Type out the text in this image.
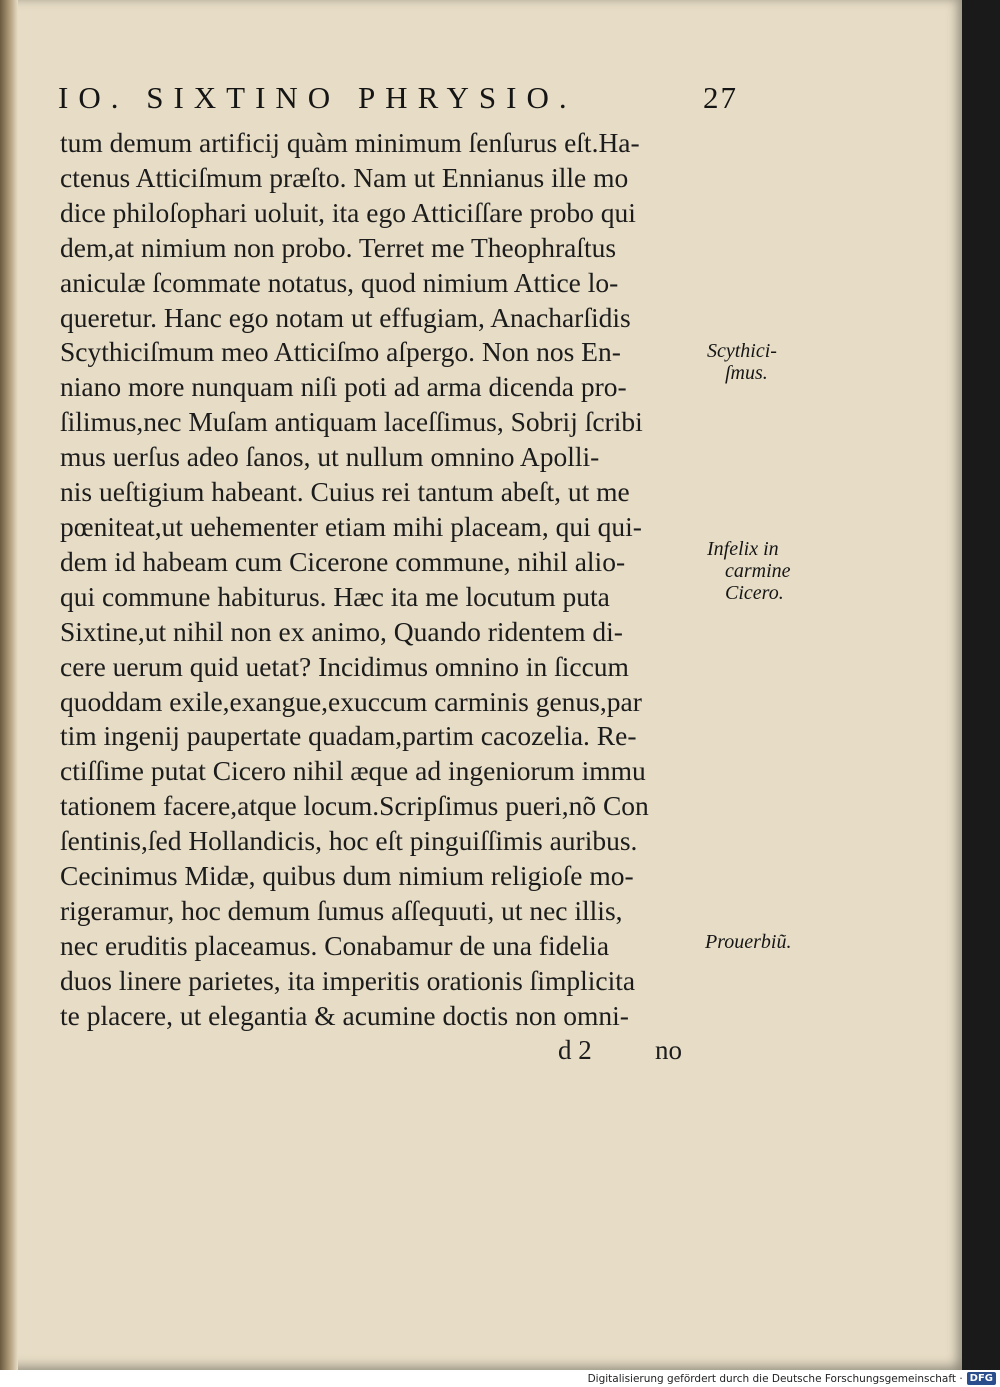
IO. SIXTINO PHRYSIO.	27
tum demum artificij quàm minimum ſenſurus eſt.Ha-
ctenus Atticiſmum præſto. Nam ut Ennianus ille mo
dice philoſophari uoluit, ita ego Atticiſſare probo qui
dem,at nimium non probo. Terret me Theophraſtus
aniculæ ſcommate notatus, quod nimium Attice lo-
queretur. Hanc ego notam ut effugiam, Anacharſidis
Scythiciſmum meo Atticiſmo aſpergo. Non nos En-
niano more nunquam niſi poti ad arma dicenda pro-
ſilimus,nec Muſam antiquam laceſſimus, Sobrij ſcribi
mus uerſus adeo ſanos, ut nullum omnino Apolli-
nis ueſtigium habeant. Cuius rei tantum abeſt, ut me
pœniteat,ut uehementer etiam mihi placeam, qui qui-
dem id habeam cum Cicerone commune, nihil alio-
qui commune habiturus. Hæc ita me locutum puta
Sixtine,ut nihil non ex animo, Quando ridentem di-
cere uerum quid uetat? Incidimus omnino in ſiccum
quoddam exile,exangue,exuccum carminis genus,par
tim ingenij paupertate quadam,partim cacozelia. Re-
ctiſſime putat Cicero nihil æque ad ingeniorum immu
tationem facere,atque locum.Scripſimus pueri,nõ Con
ſentinis,ſed Hollandicis, hoc eſt pinguiſſimis auribus.
Cecinimus Midæ, quibus dum nimium religioſe mo-
rigeramur, hoc demum ſumus aſſequuti, ut nec illis,
nec eruditis placeamus. Conabamur de una fidelia
duos linere parietes, ita imperitis orationis ſimplicita
te placere, ut elegantia & acumine doctis non omni-
Scythici-
ſmus.
Infelix in
carmine
Cicero.
Prouerbiũ.
d 2 no
Digitalisierung gefördert durch die Deutsche Forschungsgemeinschaft · DFG
